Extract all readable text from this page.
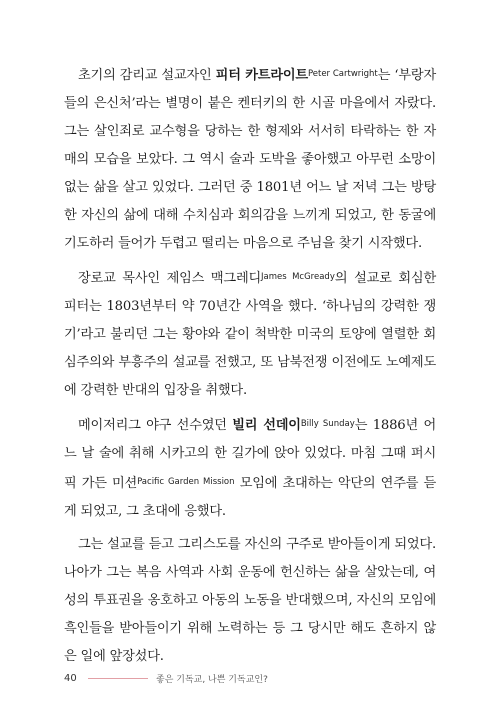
초기의 감리교 설교자인 피터 카트라이트$^{Peter Cartwright}$는 ‘부랑자들의 은신처’라는 별명이 붙은 켄터키의 한 시골 마을에서 자랐다. 그는 살인죄로 교수형을 당하는 한 형제와 서서히 타락하는 한 자매의 모습을 보았다. 그 역시 술과 도박을 좋아했고 아무런 소망이 없는 삶을 살고 있었다. 그러던 중 1801년 어느 날 저녁 그는 방탕한 자신의 삶에 대해 수치심과 회의감을 느끼게 되었고, 한 동굴에 기도하러 들어가 두렵고 떨리는 마음으로 주님을 찾기 시작했다.

장로교 목사인 제임스 맥그레디$^{James McGready}$의 설교로 회심한 피터는 1803년부터 약 70년간 사역을 했다. ‘하나님의 강력한 쟁기’라고 불리던 그는 황야와 같이 척박한 미국의 토양에 열렬한 회심주의와 부흥주의 설교를 전했고, 또 남북전쟁 이전에도 노예제도에 강력한 반대의 입장을 취했다.

메이저리그 야구 선수였던 빌리 선데이$^{Billy Sunday}$는 1886년 어느 날 술에 취해 시카고의 한 길가에 앉아 있었다. 마침 그때 퍼시픽 가든 미션$^{Pacific Garden Mission}$ 모임에 초대하는 악단의 연주를 듣게 되었고, 그 초대에 응했다.

그는 설교를 듣고 그리스도를 자신의 구주로 받아들이게 되었다. 나아가 그는 복음 사역과 사회 운동에 헌신하는 삶을 살았는데, 여성의 투표권을 옹호하고 아동의 노동을 반대했으며, 자신의 모임에 흑인들을 받아들이기 위해 노력하는 등 그 당시만 해도 흔하지 않은 일에 앞장섰다.

40	좋은 기독교, 나쁜 기독교인?
